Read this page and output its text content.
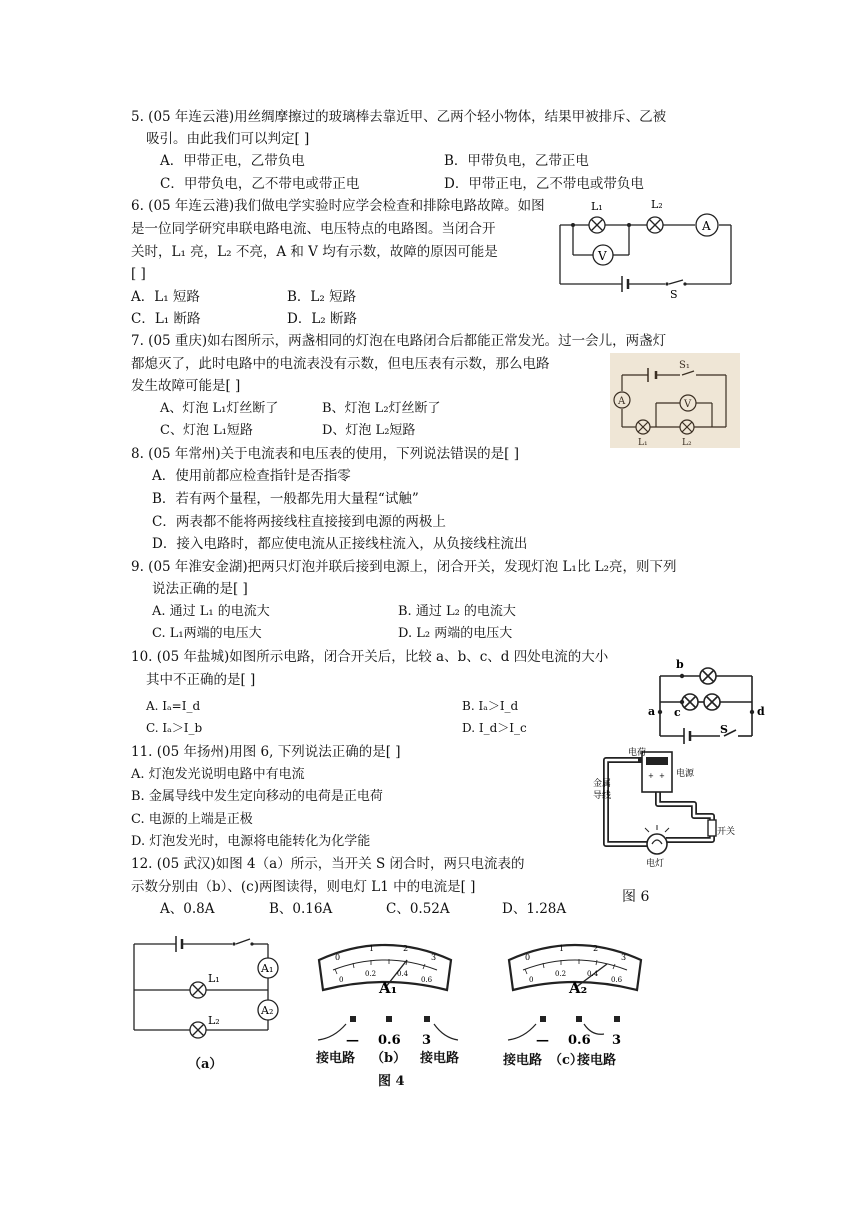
5. (05 年连云港)用丝绸摩擦过的玻璃棒去靠近甲、乙两个轻小物体，结果甲被排斥、乙被
吸引。由此我们可以判定[ ]
A．甲带正电，乙带负电	B．甲带负电，乙带正电
C．甲带负电，乙不带电或带正电	D．甲带正电，乙不带电或带负电
6. (05 年连云港)我们做电学实验时应学会检查和排除电路故障。如图
是一位同学研究串联电路电流、电压特点的电路图。当闭合开
关时，L₁ 亮，L₂ 不亮，A 和 V 均有示数，故障的原因可能是
[ ]
A．L₁ 短路	B．L₂ 短路
C．L₁ 断路	D．L₂ 断路
L₁	L₂
A
V
S
7. (05 重庆)如右图所示，两盏相同的灯泡在电路闭合后都能正常发光。过一会儿，两盏灯
都熄灭了，此时电路中的电流表没有示数，但电压表有示数，那么电路
发生故障可能是[ ]
A、灯泡 L₁灯丝断了	B、灯泡 L₂灯丝断了
C、灯泡 L₁短路	D、灯泡 L₂短路
S₁
A	V
L₁	L₂
8. (05 年常州)关于电流表和电压表的使用，下列说法错误的是[ ]
A．使用前都应检查指针是否指零
B．若有两个量程，一般都先用大量程“试触”
C．两表都不能将两接线柱直接接到电源的两极上
D．接入电路时，都应使电流从正接线柱流入，从负接线柱流出
9. (05 年淮安金湖)把两只灯泡并联后接到电源上，闭合开关，发现灯泡 L₁比 L₂亮，则下列
说法正确的是[ ]
A. 通过 L₁ 的电流大	B. 通过 L₂ 的电流大
C. L₁两端的电压大	D. L₂ 两端的电压大
10. (05 年盐城)如图所示电路，闭合开关后，比较 a、b、c、d 四处电流的大小
其中不正确的是[ ]
A. Iₐ=I_d	B. Iₐ＞I_d
C. Iₐ＞I_b	D. I_d＞I_c
b
c
a	d
S
11. (05 年扬州)用图 6, 下列说法正确的是[ ]
A. 灯泡发光说明电路中有电流
B. 金属导线中发生定向移动的电荷是正电荷
C. 电源的上端是正极
D. 灯泡发光时，电源将电能转化为化学能
+ +
电荷
电源
金属
导线
开关
电灯
图 6
12. (05 武汉)如图 4（a）所示，当开关 S 闭合时，两只电流表的
示数分别由（b）、(c)两图读得，则电灯 L1 中的电流是[ ]
A、0.8A	B、0.16A	C、0.52A	D、1.28A
A₁
A₂
L₁
L₂
（a）
0
1	2
3
0
0.2	0.4
0.6
A₁
— 0.6 3
接电路 （b） 接电路
0
1	2
3
0
0.2	0.4
0.6
A₂
— 0.6 3
接电路 （c）
接电路
图 4
